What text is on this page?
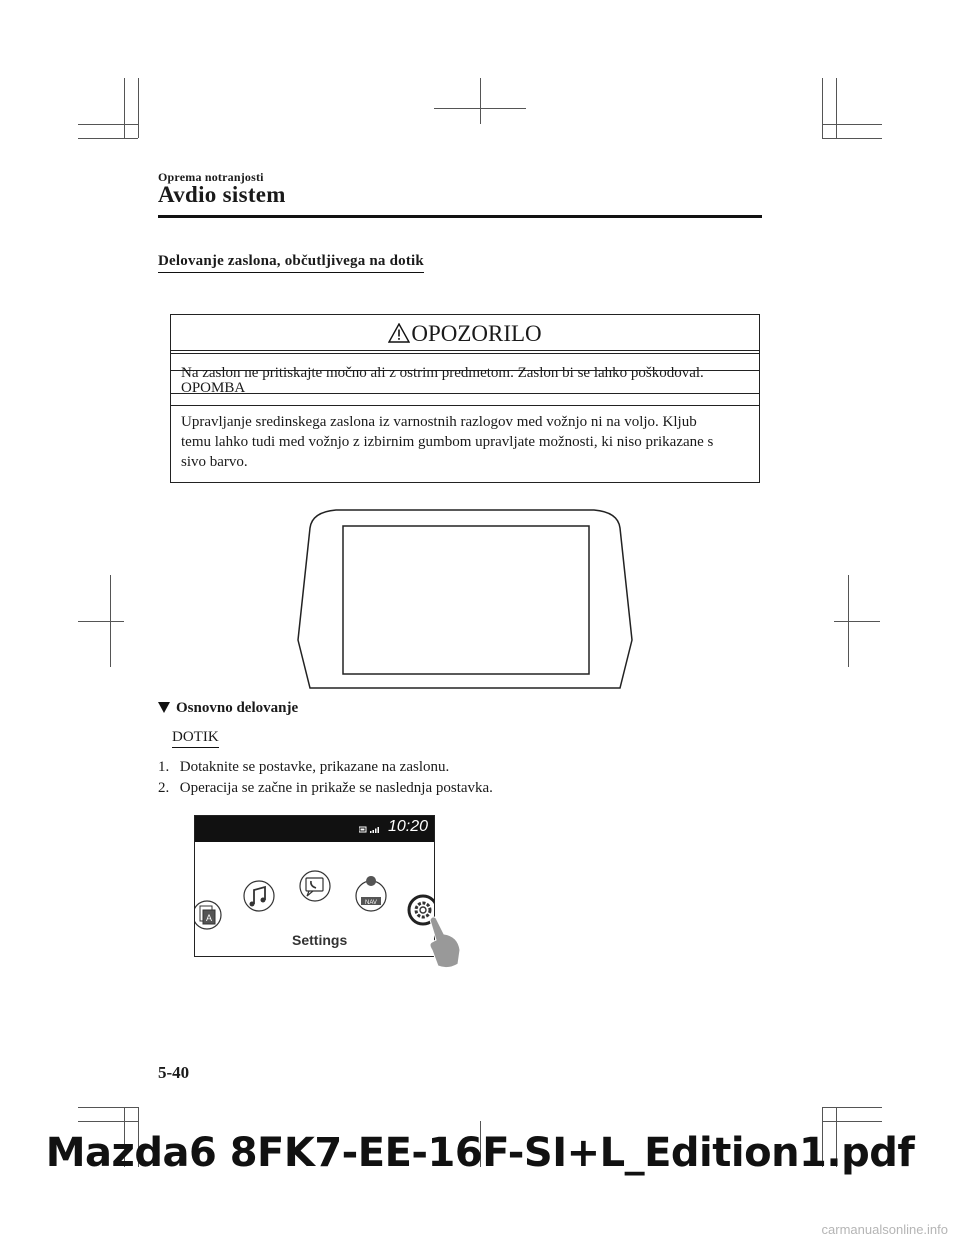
Oprema notranjosti
Avdio sistem
Delovanje zaslona, občutljivega na dotik
OPOZORILO
Na zaslon ne pritiskajte močno ali z ostrim predmetom. Zaslon bi se lahko poškodoval.
OPOMBA
Upravljanje sredinskega zaslona iz varnostnih razlogov med vožnjo ni na voljo. Kljub
temu lahko tudi med vožnjo z izbirnim gumbom upravljate možnosti, ki niso prikazane s
sivo barvo.
Osnovno delovanje
DOTIK
1. Dotaknite se postavke, prikazane na zaslonu.
2. Operacija se začne in prikaže se naslednja postavka.
10:20
A
NAV
Settings
5-40
Mazda6 8FK7-EE-16F-SI+L_Edition1.pdf
carmanualsonline.info
